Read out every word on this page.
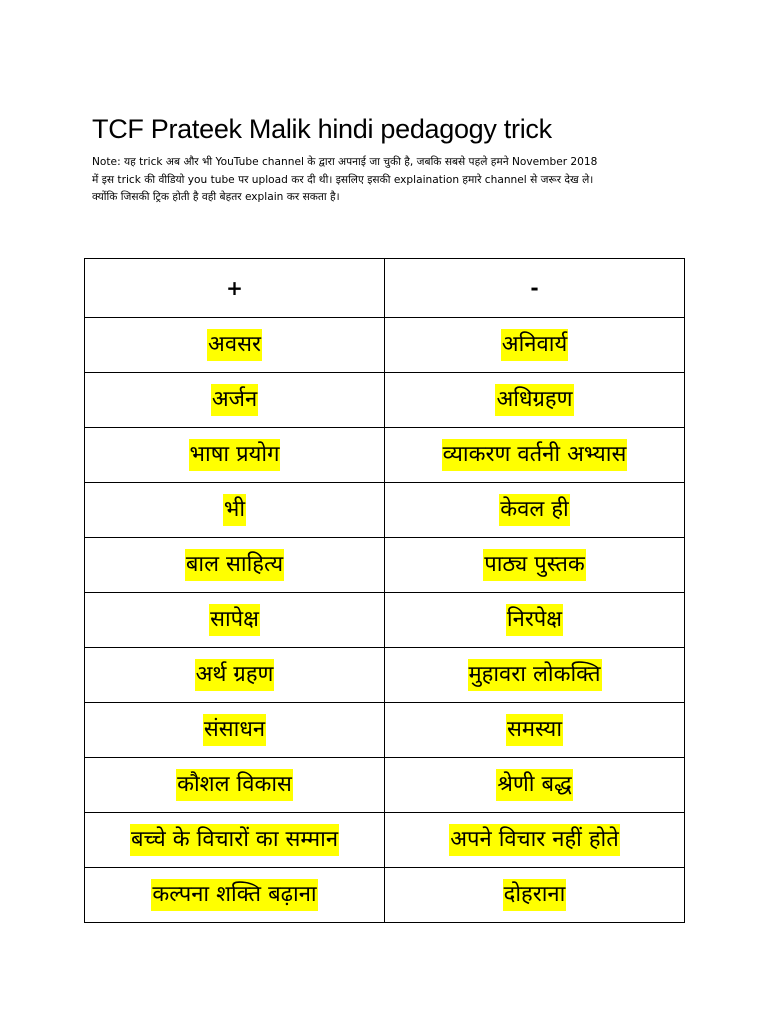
TCF Prateek Malik hindi pedagogy trick
Note: यह trick अब और भी YouTube channel के द्वारा अपनाई जा चुकी है, जबकि सबसे पहले हमने November 2018
में इस trick की वीडियो you tube पर upload कर दी थी। इसलिए इसकी explaination हमारे channel से जरूर देख ले।
क्योंकि जिसकी ट्रिक होती है वही बेहतर explain कर सकता है।
+	-
अवसर	अनिवार्य
अर्जन	अधिग्रहण
भाषा प्रयोग	व्याकरण वर्तनी अभ्यास
भी	केवल ही
बाल साहित्य	पाठ्य पुस्तक
सापेक्ष	निरपेक्ष
अर्थ ग्रहण	मुहावरा लोकक्ति
संसाधन	समस्या
कौशल विकास	श्रेणी बद्ध
बच्चे के विचारों का सम्मान	अपने विचार नहीं होते
कल्पना शक्ति बढ़ाना	दोहराना
